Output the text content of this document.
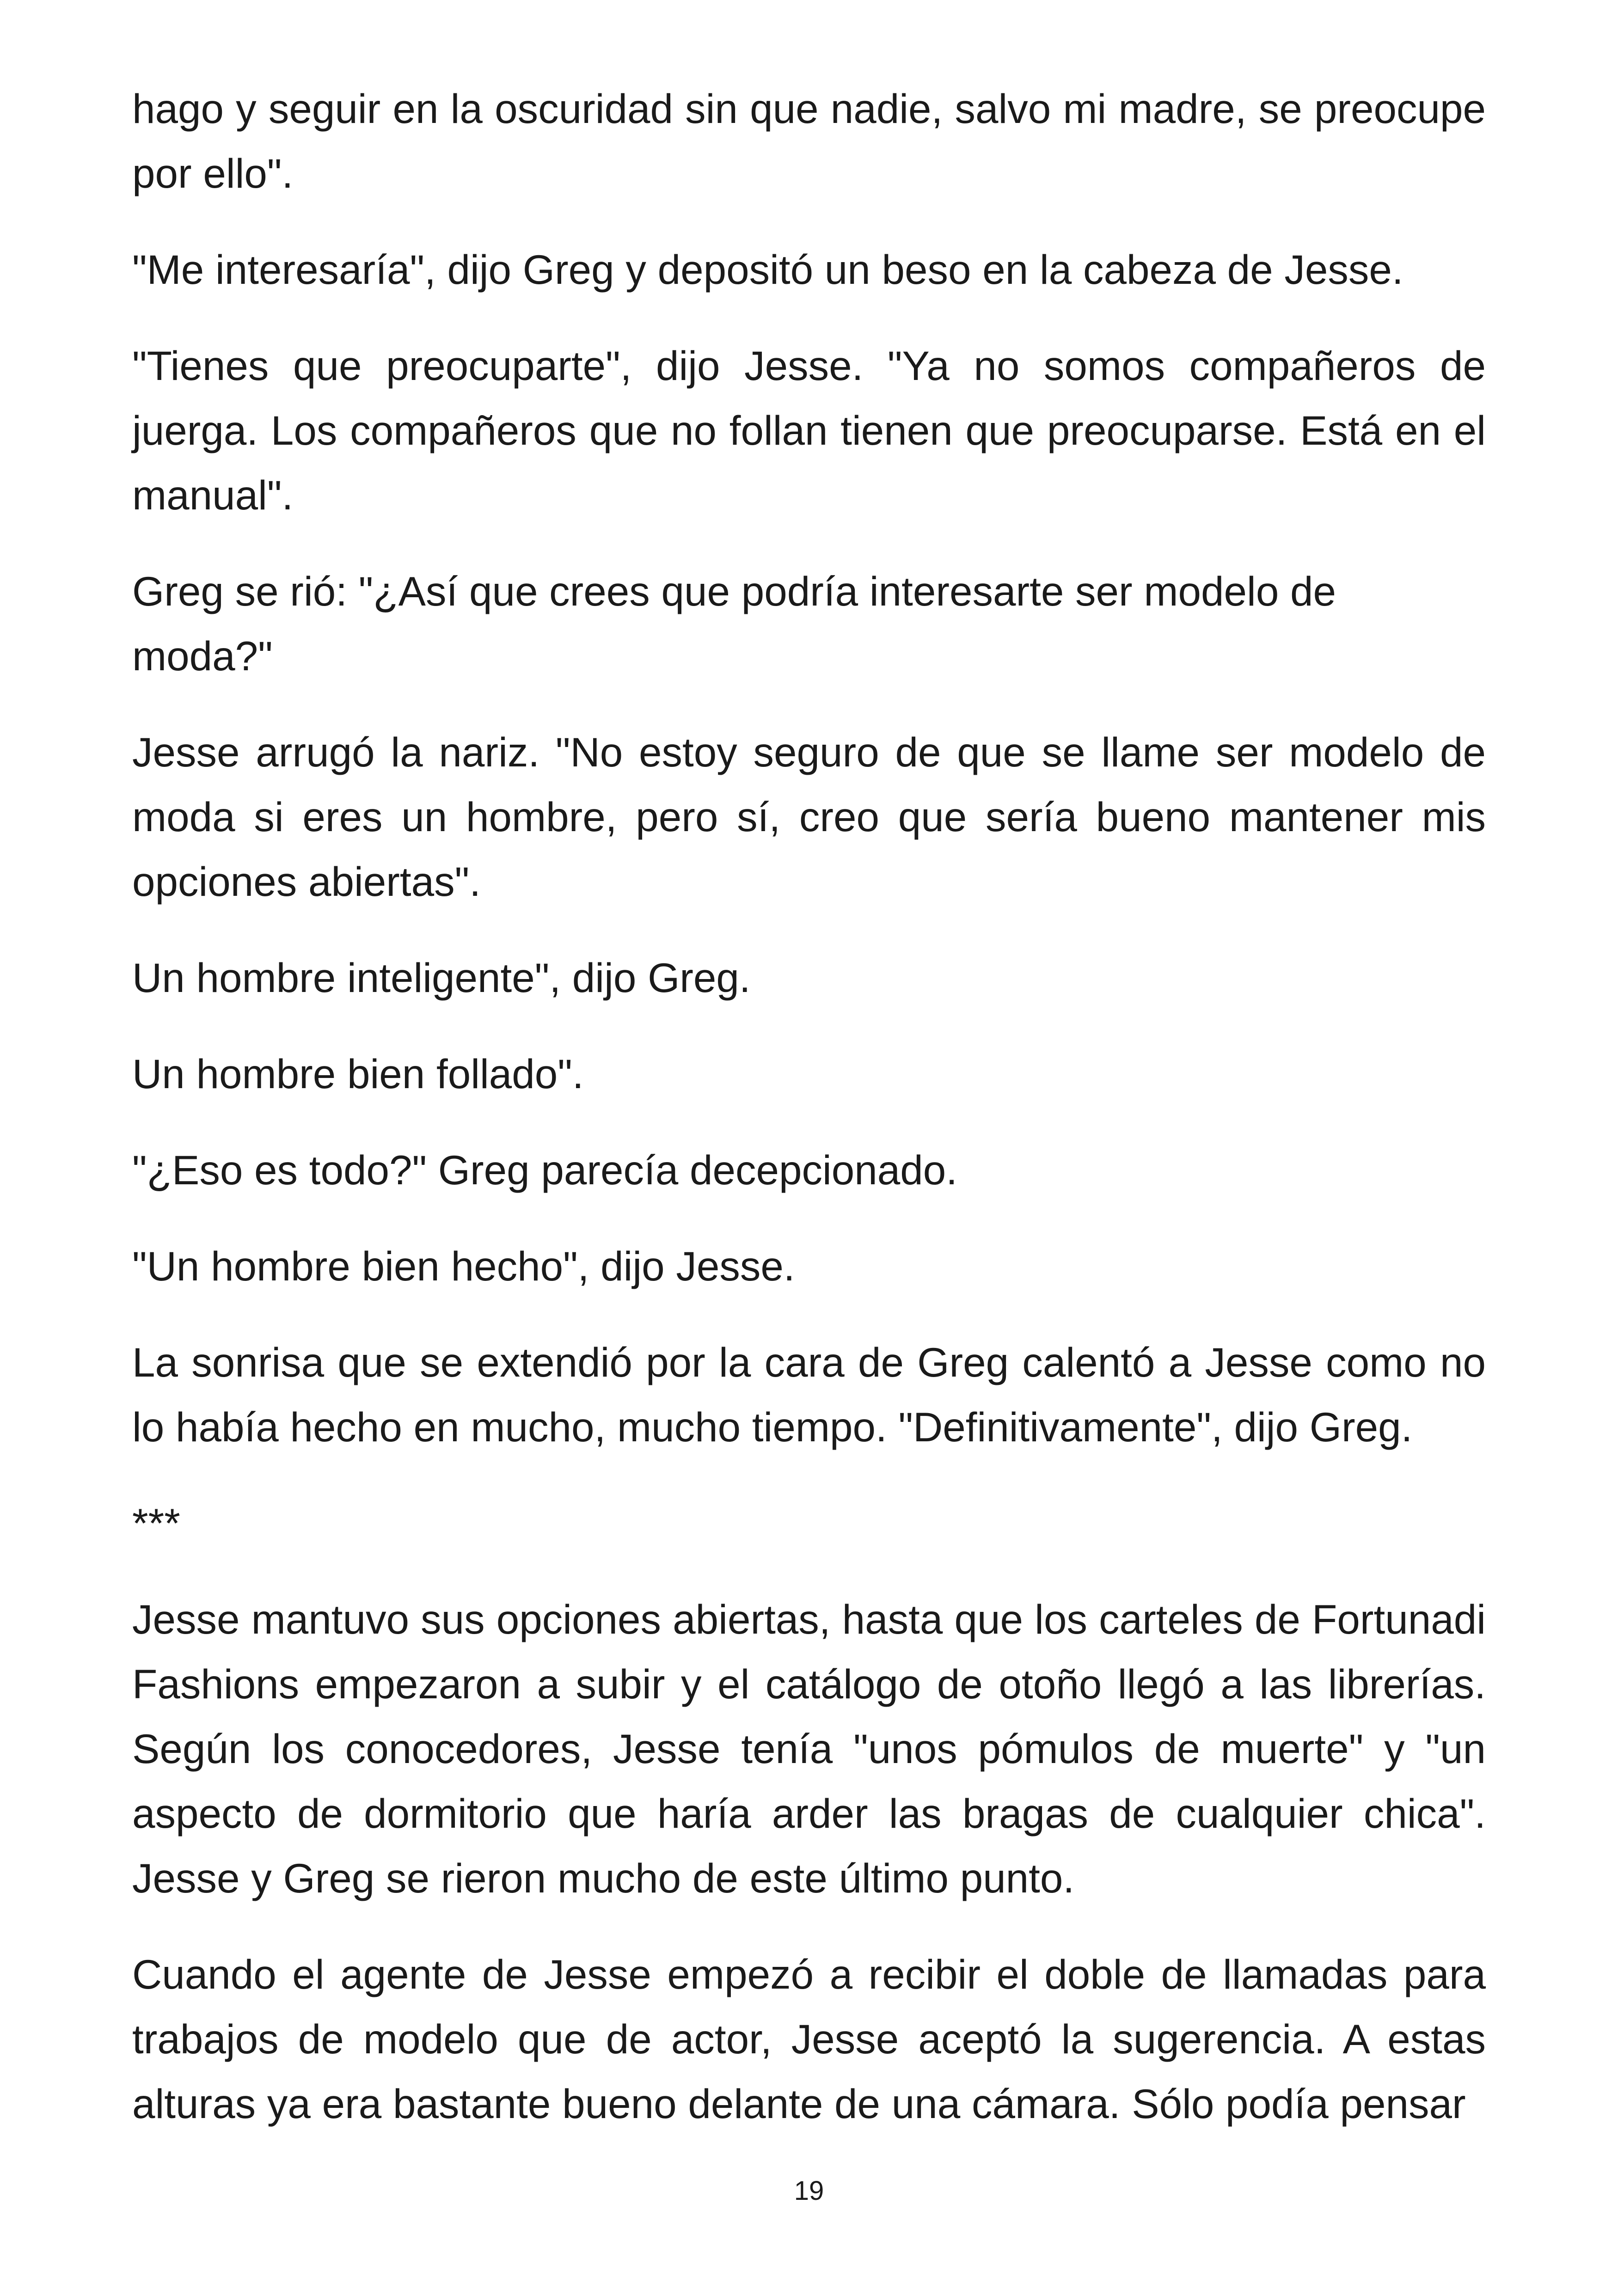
hago y seguir en la oscuridad sin que nadie, salvo mi madre, se preocupe por ello".

"Me interesaría", dijo Greg y depositó un beso en la cabeza de Jesse.

"Tienes que preocuparte", dijo Jesse. "Ya no somos compañeros de juerga. Los compañeros que no follan tienen que preocuparse. Está en el manual".

Greg se rió: "¿Así que crees que podría interesarte ser modelo de moda?"

Jesse arrugó la nariz. "No estoy seguro de que se llame ser modelo de moda si eres un hombre, pero sí, creo que sería bueno mantener mis opciones abiertas".

Un hombre inteligente", dijo Greg.

Un hombre bien follado".

"¿Eso es todo?" Greg parecía decepcionado.

"Un hombre bien hecho", dijo Jesse.

La sonrisa que se extendió por la cara de Greg calentó a Jesse como no lo había hecho en mucho, mucho tiempo. "Definitivamente", dijo Greg.

***

Jesse mantuvo sus opciones abiertas, hasta que los carteles de Fortunadi Fashions empezaron a subir y el catálogo de otoño llegó a las librerías. Según los conocedores, Jesse tenía "unos pómulos de muerte" y "un aspecto de dormitorio que haría arder las bragas de cualquier chica". Jesse y Greg se rieron mucho de este último punto.

Cuando el agente de Jesse empezó a recibir el doble de llamadas para trabajos de modelo que de actor, Jesse aceptó la sugerencia. A estas alturas ya era bastante bueno delante de una cámara. Sólo podía pensar

19
